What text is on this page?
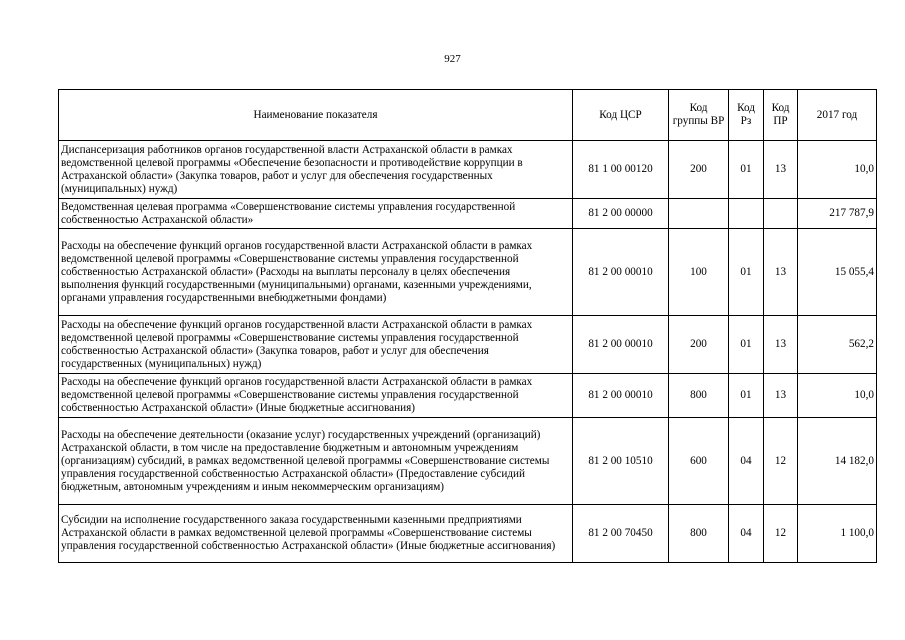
927
Наименование показателя	Код ЦСР	Код группы ВР	Код Рз	Код ПР	2017 год
Диспансеризация работников органов государственной власти Астраханской области в рамках ведомственной целевой программы «Обеспечение безопасности и противодействие коррупции в Астраханской области» (Закупка товаров, работ и услуг для обеспечения государственных (муниципальных) нужд)	81 1 00 00120	200	01	13	10,0
Ведомственная целевая программа «Совершенствование системы управления государственной собственностью Астраханской области»	81 2 00 00000				217 787,9
Расходы на обеспечение функций органов государственной власти Астраханской области в рамках ведомственной целевой программы «Совершенствование системы управления государственной собственностью Астраханской области» (Расходы на выплаты персоналу в целях обеспечения выполнения функций государственными (муниципальными) органами, казенными учреждениями, органами управления государственными внебюджетными фондами)	81 2 00 00010	100	01	13	15 055,4
Расходы на обеспечение функций органов государственной власти Астраханской области в рамках ведомственной целевой программы «Совершенствование системы управления государственной собственностью Астраханской области» (Закупка товаров, работ и услуг для обеспечения государственных (муниципальных) нужд)	81 2 00 00010	200	01	13	562,2
Расходы на обеспечение функций органов государственной власти Астраханской области в рамках ведомственной целевой программы «Совершенствование системы управления государственной собственностью Астраханской области» (Иные бюджетные ассигнования)	81 2 00 00010	800	01	13	10,0
Расходы на обеспечение деятельности (оказание услуг) государственных учреждений (организаций) Астраханской области, в том числе на предоставление бюджетным и автономным учреждениям (организациям) субсидий, в рамках ведомственной целевой программы «Совершенствование системы управления государственной собственностью Астраханской области» (Предоставление субсидий бюджетным, автономным учреждениям и иным некоммерческим организациям)	81 2 00 10510	600	04	12	14 182,0
Субсидии на исполнение государственного заказа государственными казенными предприятиями Астраханской области в рамках ведомственной целевой программы «Совершенствование системы управления государственной собственностью Астраханской области» (Иные бюджетные ассигнования)	81 2 00 70450	800	04	12	1 100,0
